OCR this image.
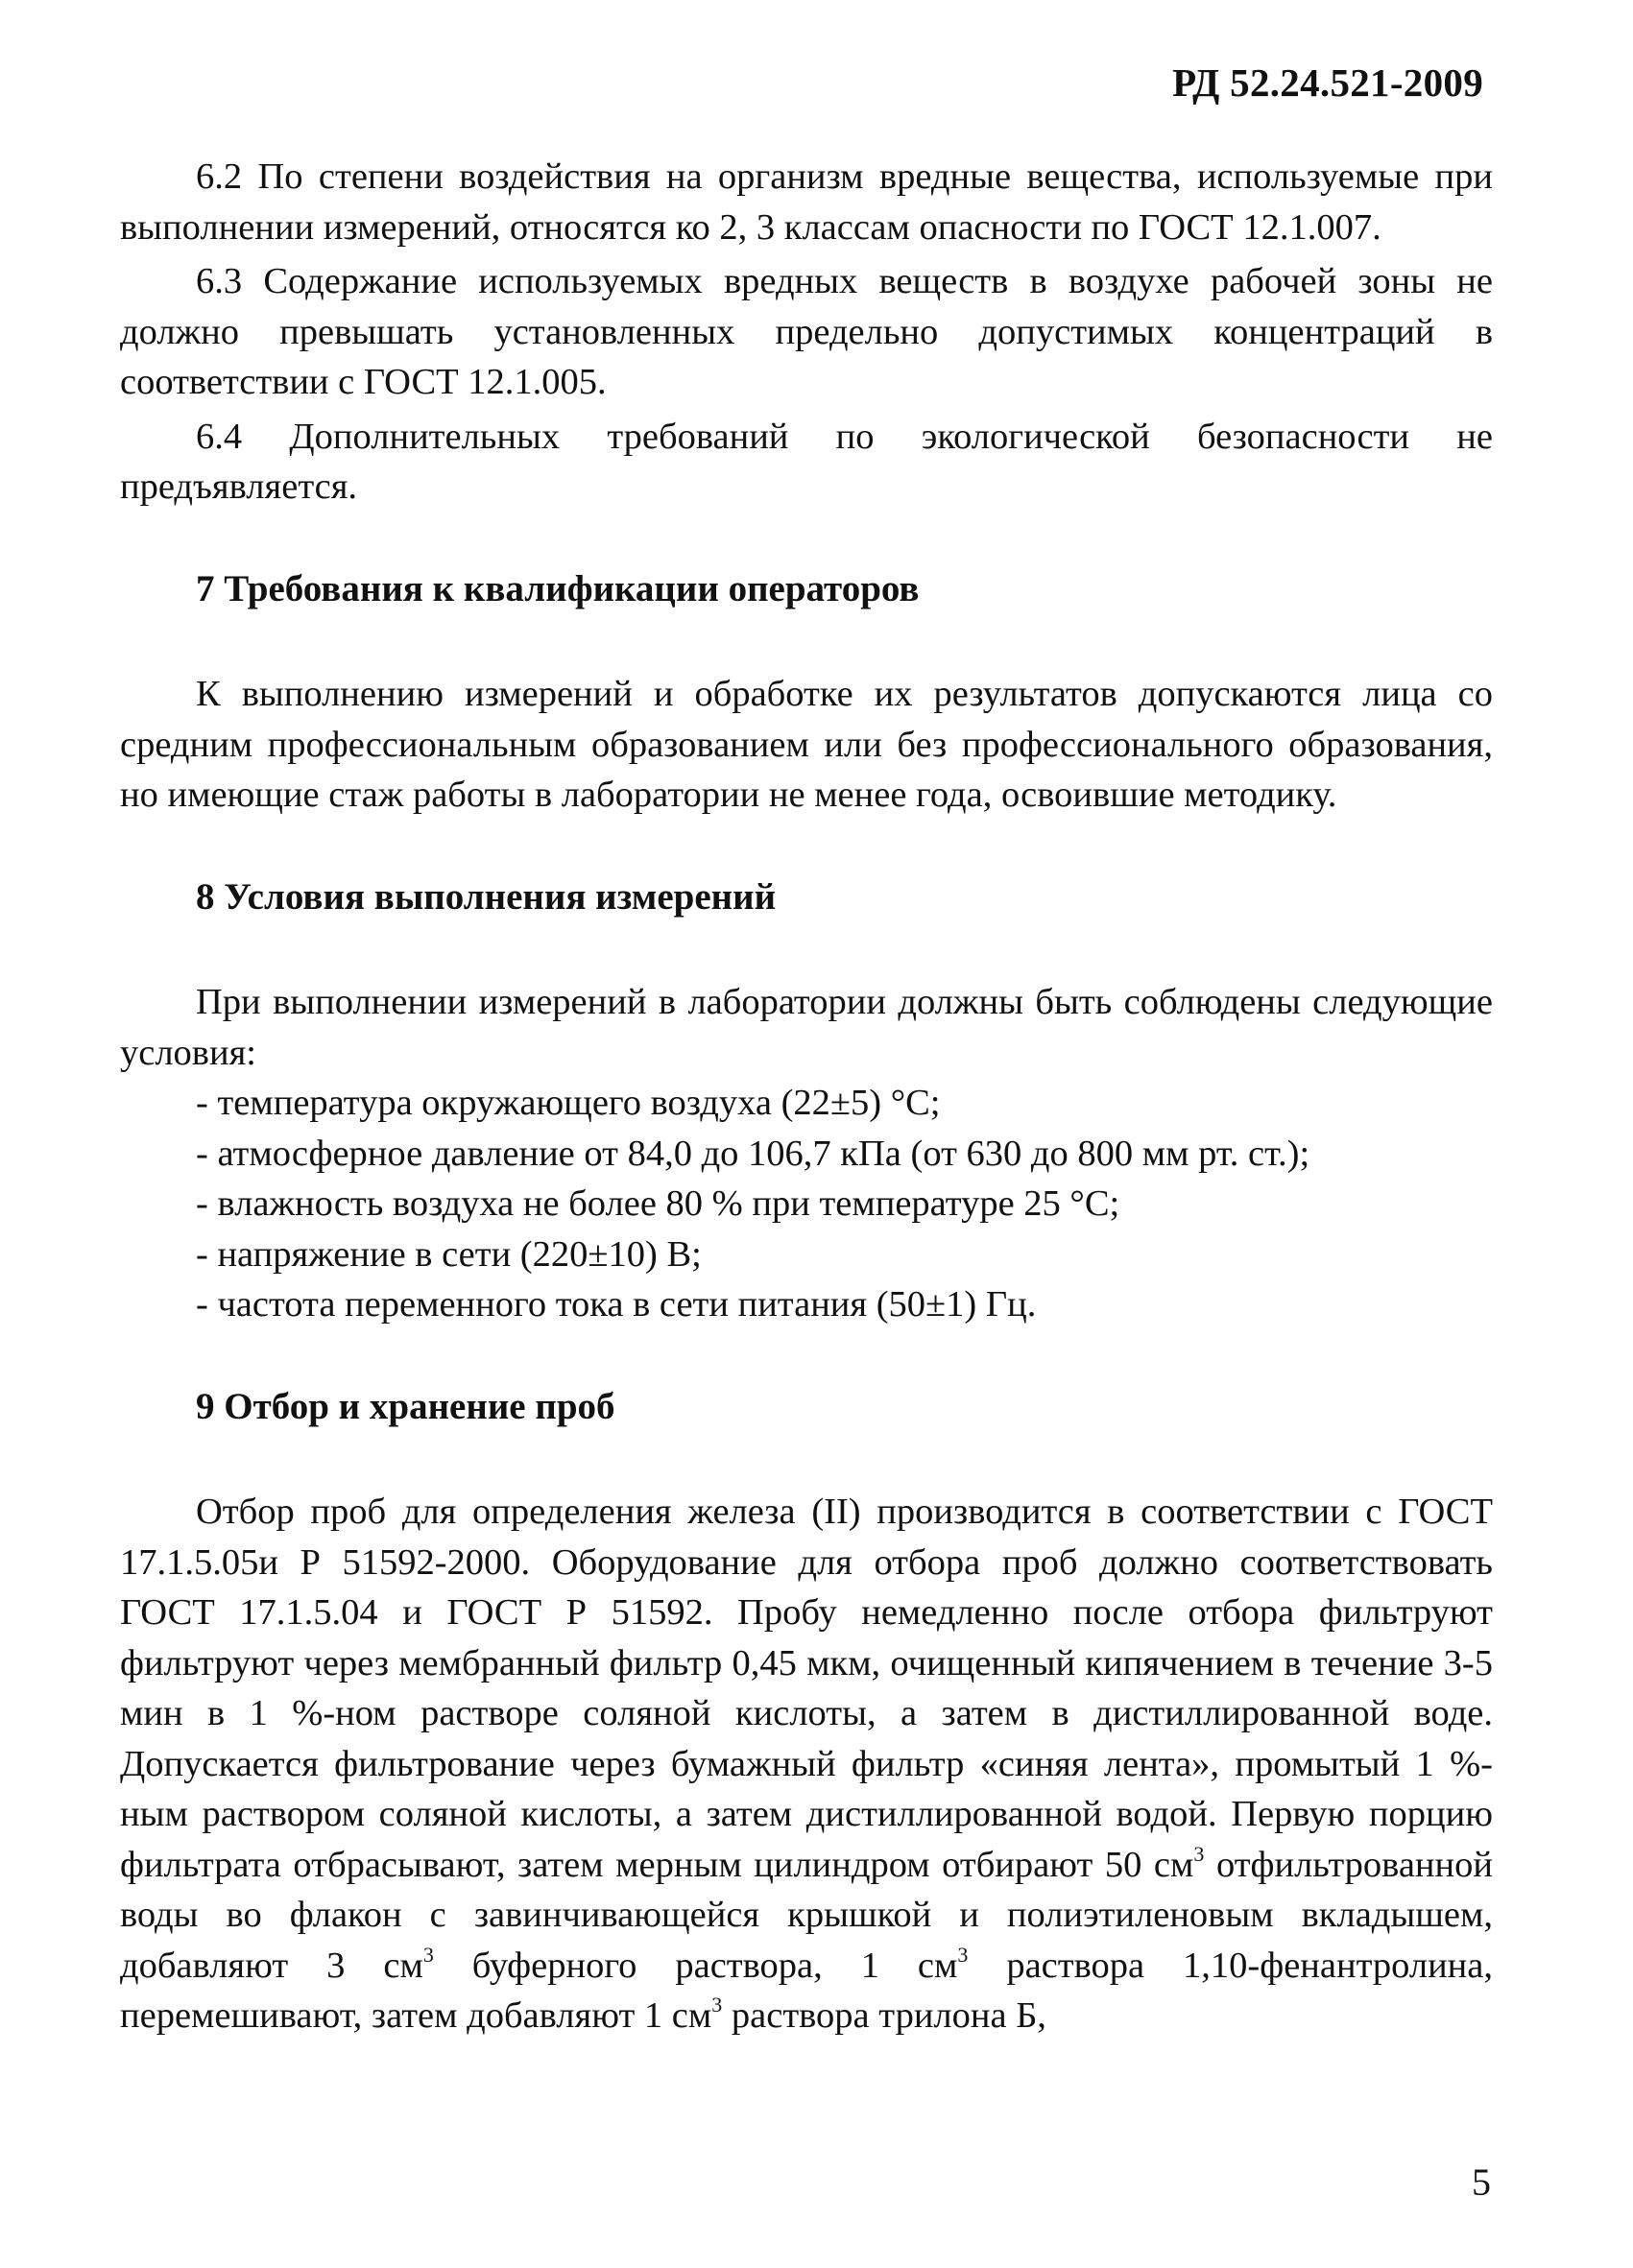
РД 52.24.521-2009

6.2 По степени воздействия на организм вредные вещества, используемые при выполнении измерений, относятся ко 2, 3 классам опасности по ГОСТ 12.1.007.

6.3 Содержание используемых вредных веществ в воздухе рабочей зоны не должно превышать установленных предельно допустимых концентраций в соответствии с ГОСТ 12.1.005.

6.4 Дополнительных требований по экологической безопасности не предъявляется.

7 Требования к квалификации операторов

К выполнению измерений и обработке их результатов допускаются лица со средним профессиональным образованием или без профессионального образования, но имеющие стаж работы в лаборатории не менее года, освоившие методику.

8 Условия выполнения измерений

При выполнении измерений в лаборатории должны быть соблюдены следующие условия:

- температура окружающего воздуха (22±5) °С;

- атмосферное давление от 84,0 до 106,7 кПа (от 630 до 800 мм рт. ст.);

- влажность воздуха не более 80 % при температуре 25 °С;

- напряжение в сети (220±10) В;

- частота переменного тока в сети питания (50±1) Гц.

9 Отбор и хранение проб

Отбор проб для определения железа (II) производится в соответствии с ГОСТ 17.1.5.05и Р 51592-2000. Оборудование для отбора проб должно соответствовать ГОСТ 17.1.5.04 и ГОСТ Р 51592. Пробу немедленно после отбора фильтруют фильтруют через мембранный фильтр 0,45 мкм, очищенный кипячением в течение 3-5 мин в 1 %-ном растворе соляной кислоты, а затем в дистиллированной воде. Допускается фильтрование через бумажный фильтр «синяя лента», промытый 1 %-ным раствором соляной кислоты, а затем дистиллированной водой. Первую порцию фильтрата отбрасывают, затем мерным цилиндром отбирают 50 $см^3$ отфильтрованной воды во флакон с завинчивающейся крышкой и полиэтиленовым вкладышем, добавляют 3 $см^3$ буферного раствора, 1 $см^3$ раствора 1,10-фенантролина, перемешивают, затем добавляют 1 $см^3$ раствора трилона Б,

5
